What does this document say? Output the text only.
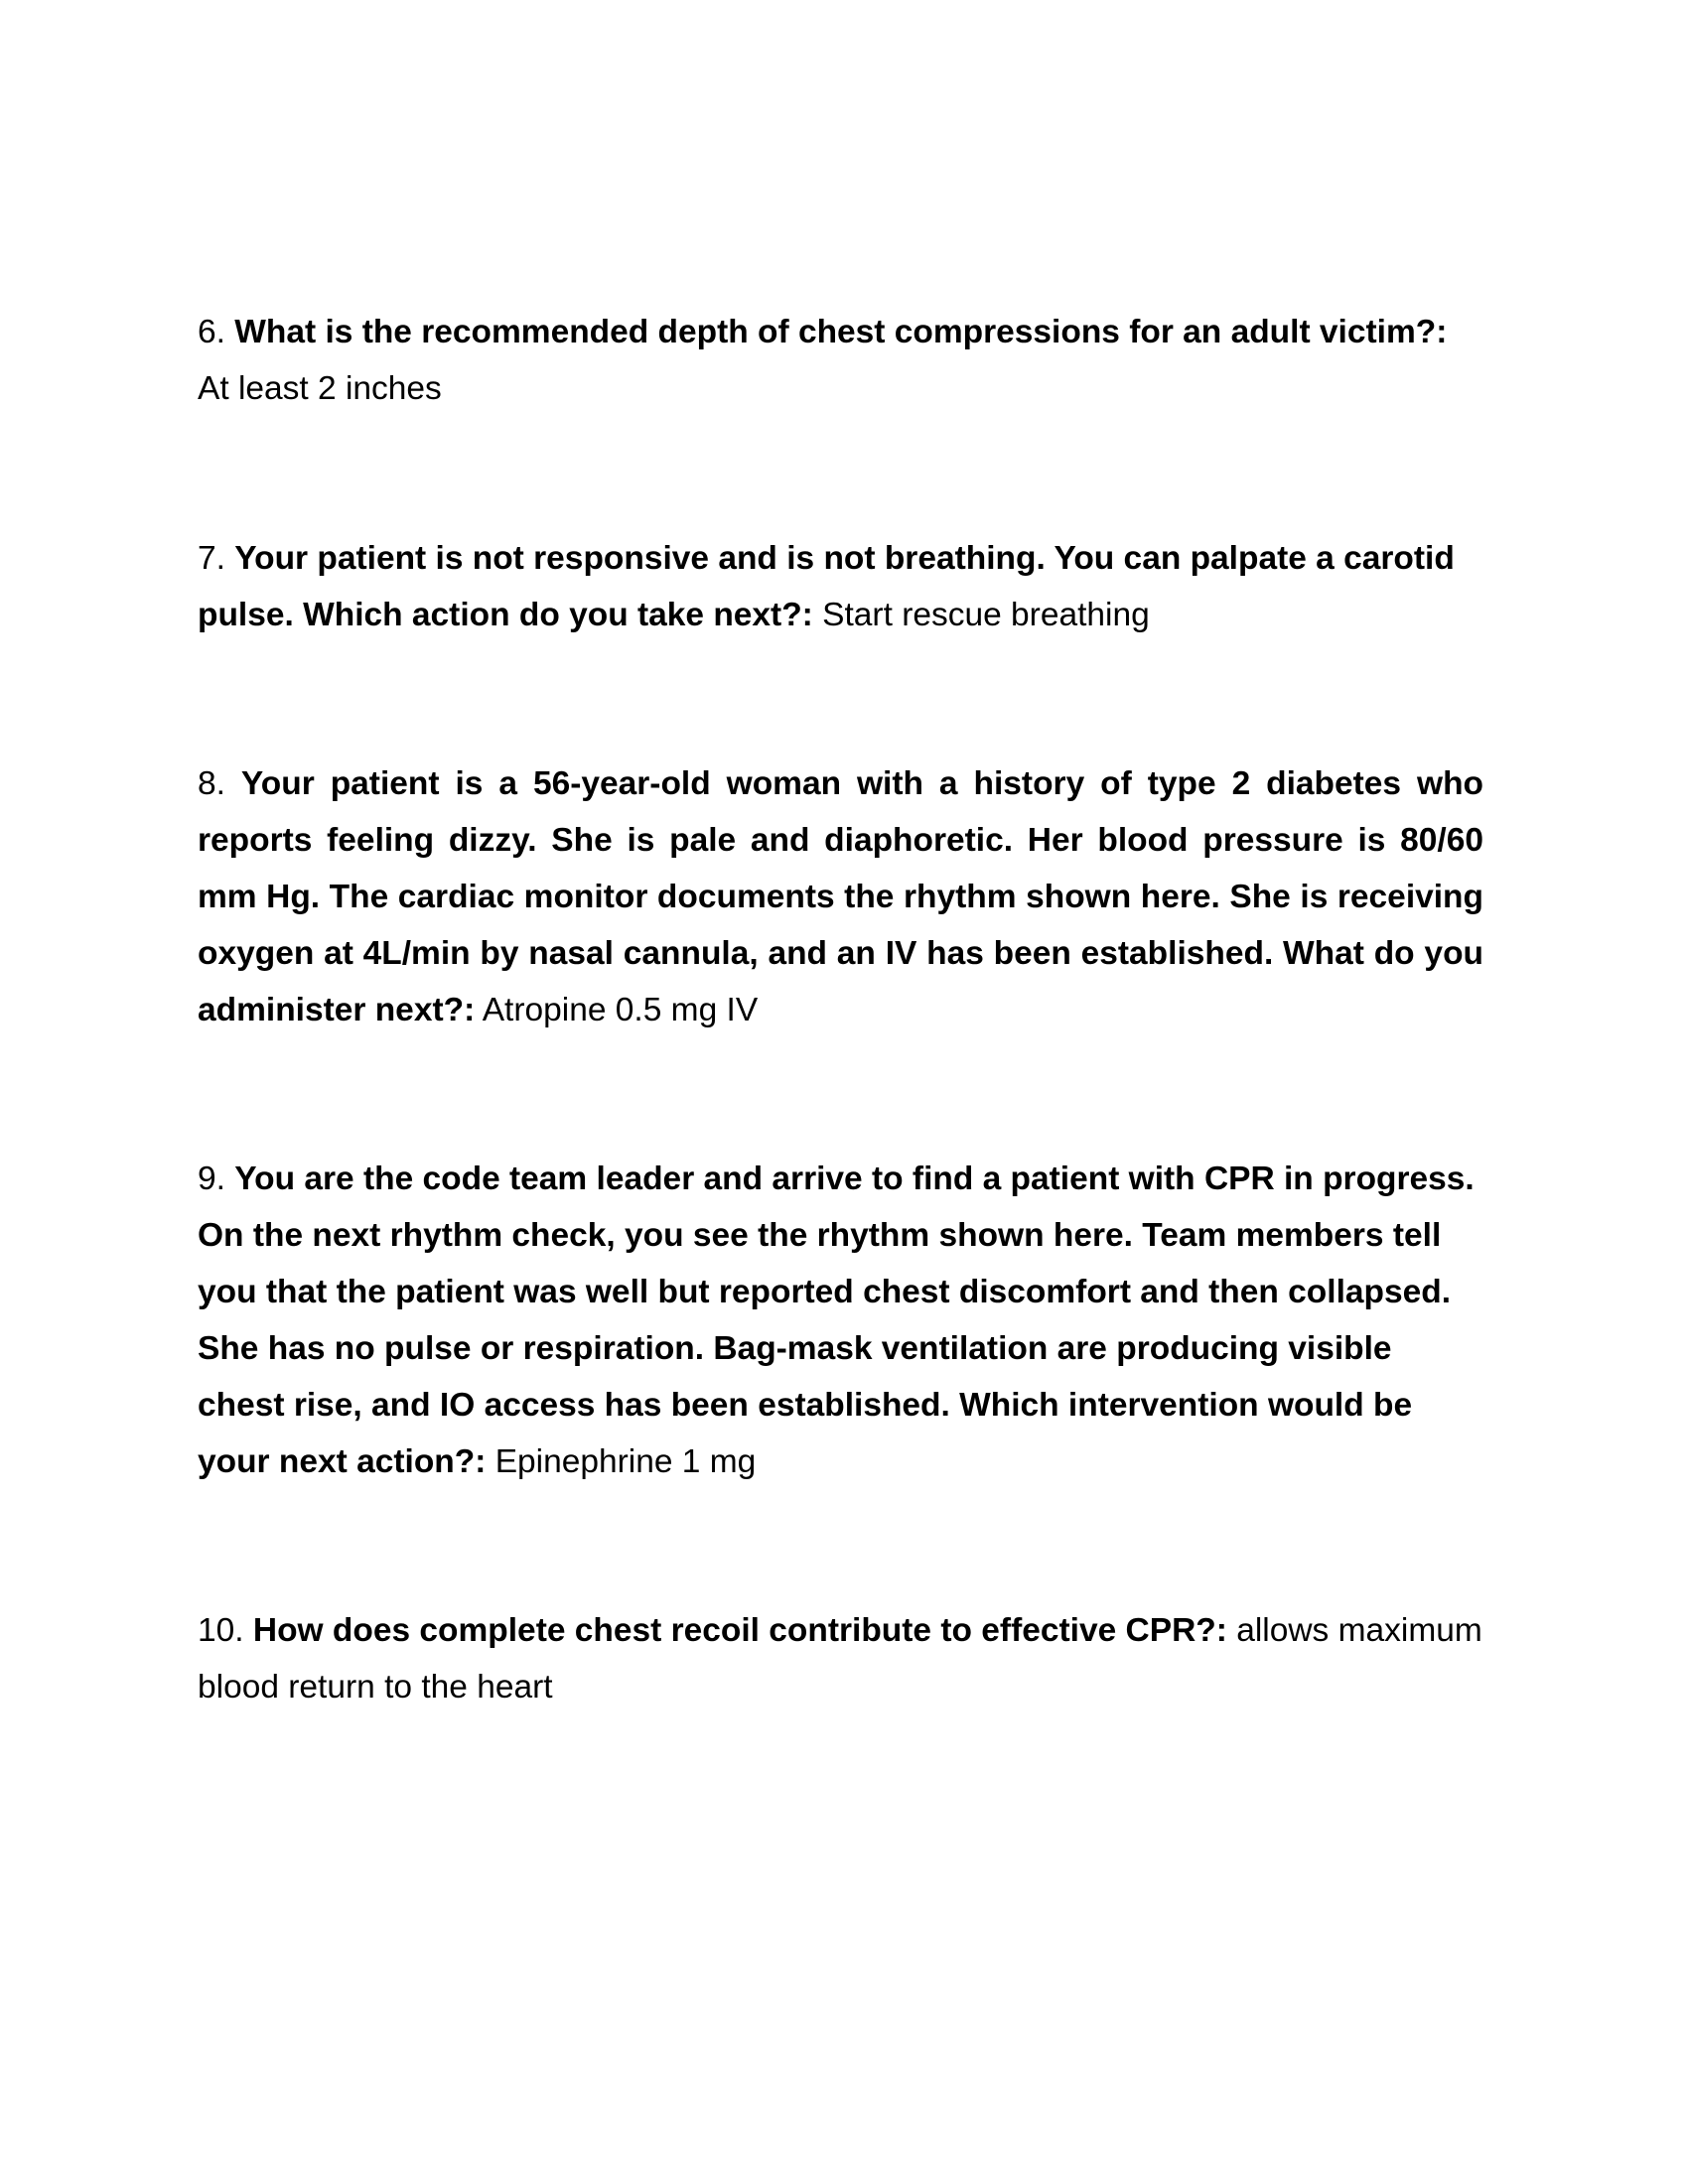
6. What is the recommended depth of chest compressions for an adult victim?: At least 2 inches
7. Your patient is not responsive and is not breathing. You can palpate a carotid pulse. Which action do you take next?: Start rescue breathing
8. Your patient is a 56-year-old woman with a history of type 2 diabetes who reports feeling dizzy. She is pale and diaphoretic. Her blood pressure is 80/60 mm Hg. The cardiac monitor documents the rhythm shown here. She is receiving oxygen at 4L/min by nasal cannula, and an IV has been established. What do you administer next?: Atropine 0.5 mg IV
9. You are the code team leader and arrive to find a patient with CPR in progress. On the next rhythm check, you see the rhythm shown here. Team members tell you that the patient was well but reported chest discomfort and then collapsed. She has no pulse or respiration. Bag-mask ventilation are producing visible chest rise, and IO access has been established. Which intervention would be your next action?: Epinephrine 1 mg
10. How does complete chest recoil contribute to effective CPR?: allows maximum blood return to the heart
